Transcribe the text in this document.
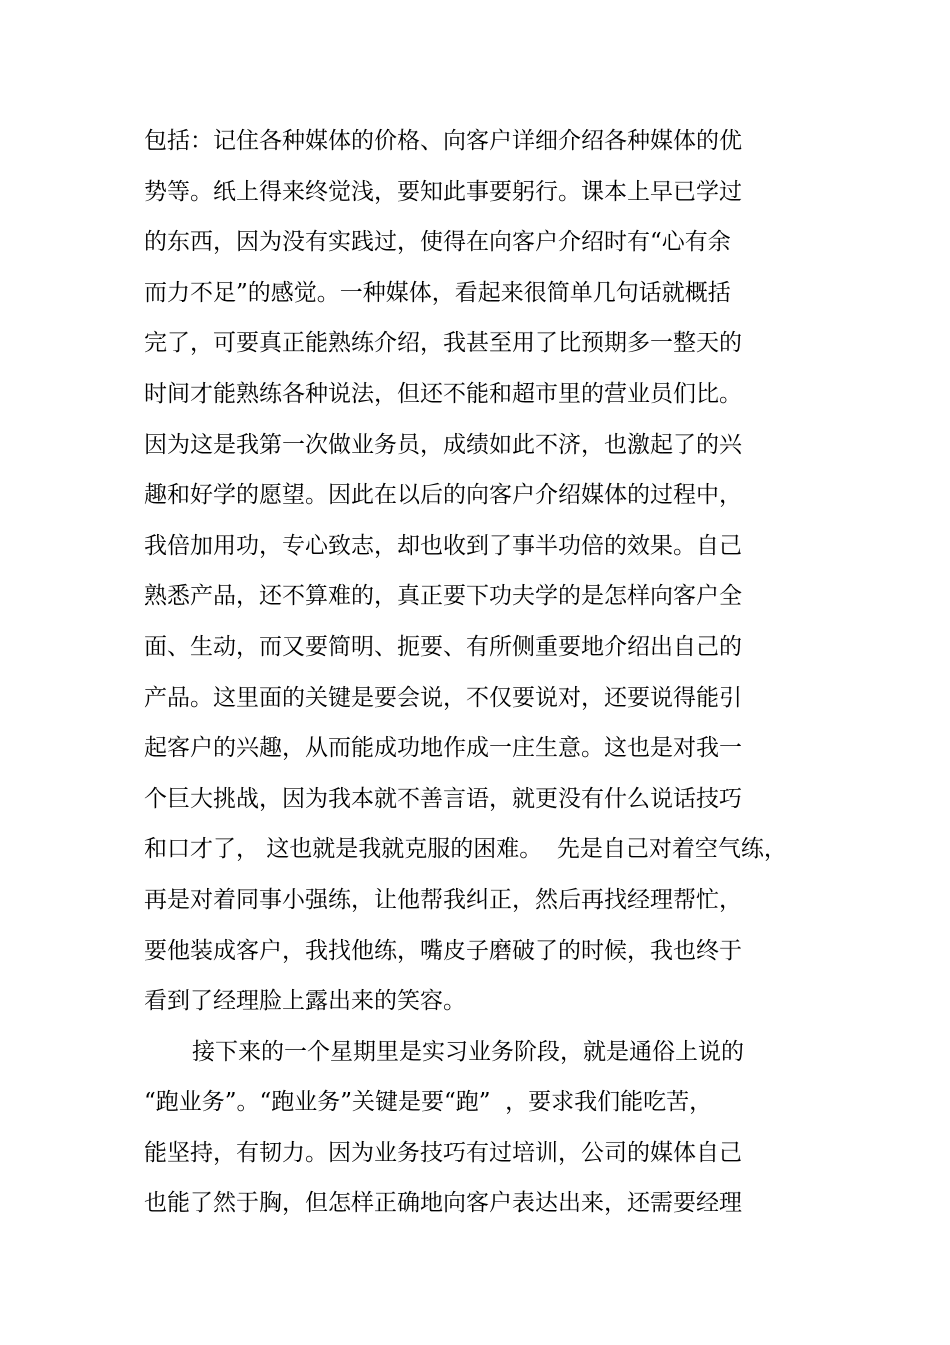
包括：记住各种媒体的价格、向客户详细介绍各种媒体的优
势等。纸上得来终觉浅，要知此事要躬行。课本上早已学过
的东西，因为没有实践过，使得在向客户介绍时有“心有余
而力不足”的感觉。一种媒体，看起来很简单几句话就概括
完了，可要真正能熟练介绍，我甚至用了比预期多一整天的
时间才能熟练各种说法，但还不能和超市里的营业员们比。
因为这是我第一次做业务员，成绩如此不济，也激起了的兴
趣和好学的愿望。因此在以后的向客户介绍媒体的过程中，
我倍加用功，专心致志，却也收到了事半功倍的效果。自己
熟悉产品，还不算难的，真正要下功夫学的是怎样向客户全
面、生动，而又要简明、扼要、有所侧重要地介绍出自己的
产品。这里面的关键是要会说，不仅要说对，还要说得能引
起客户的兴趣，从而能成功地作成一庄生意。这也是对我一
个巨大挑战，因为我本就不善言语，就更没有什么说话技巧
和口才了， 这也就是我就克服的困难。  先是自己对着空气练，
再是对着同事小强练，让他帮我纠正，然后再找经理帮忙，
要他装成客户，我找他练，嘴皮子磨破了的时候，我也终于
看到了经理脸上露出来的笑容。
接下来的一个星期里是实习业务阶段，就是通俗上说的
“跑业务”。“跑业务”关键是要“跑”  ，要求我们能吃苦，
能坚持，有韧力。因为业务技巧有过培训，公司的媒体自己
也能了然于胸，但怎样正确地向客户表达出来，还需要经理
